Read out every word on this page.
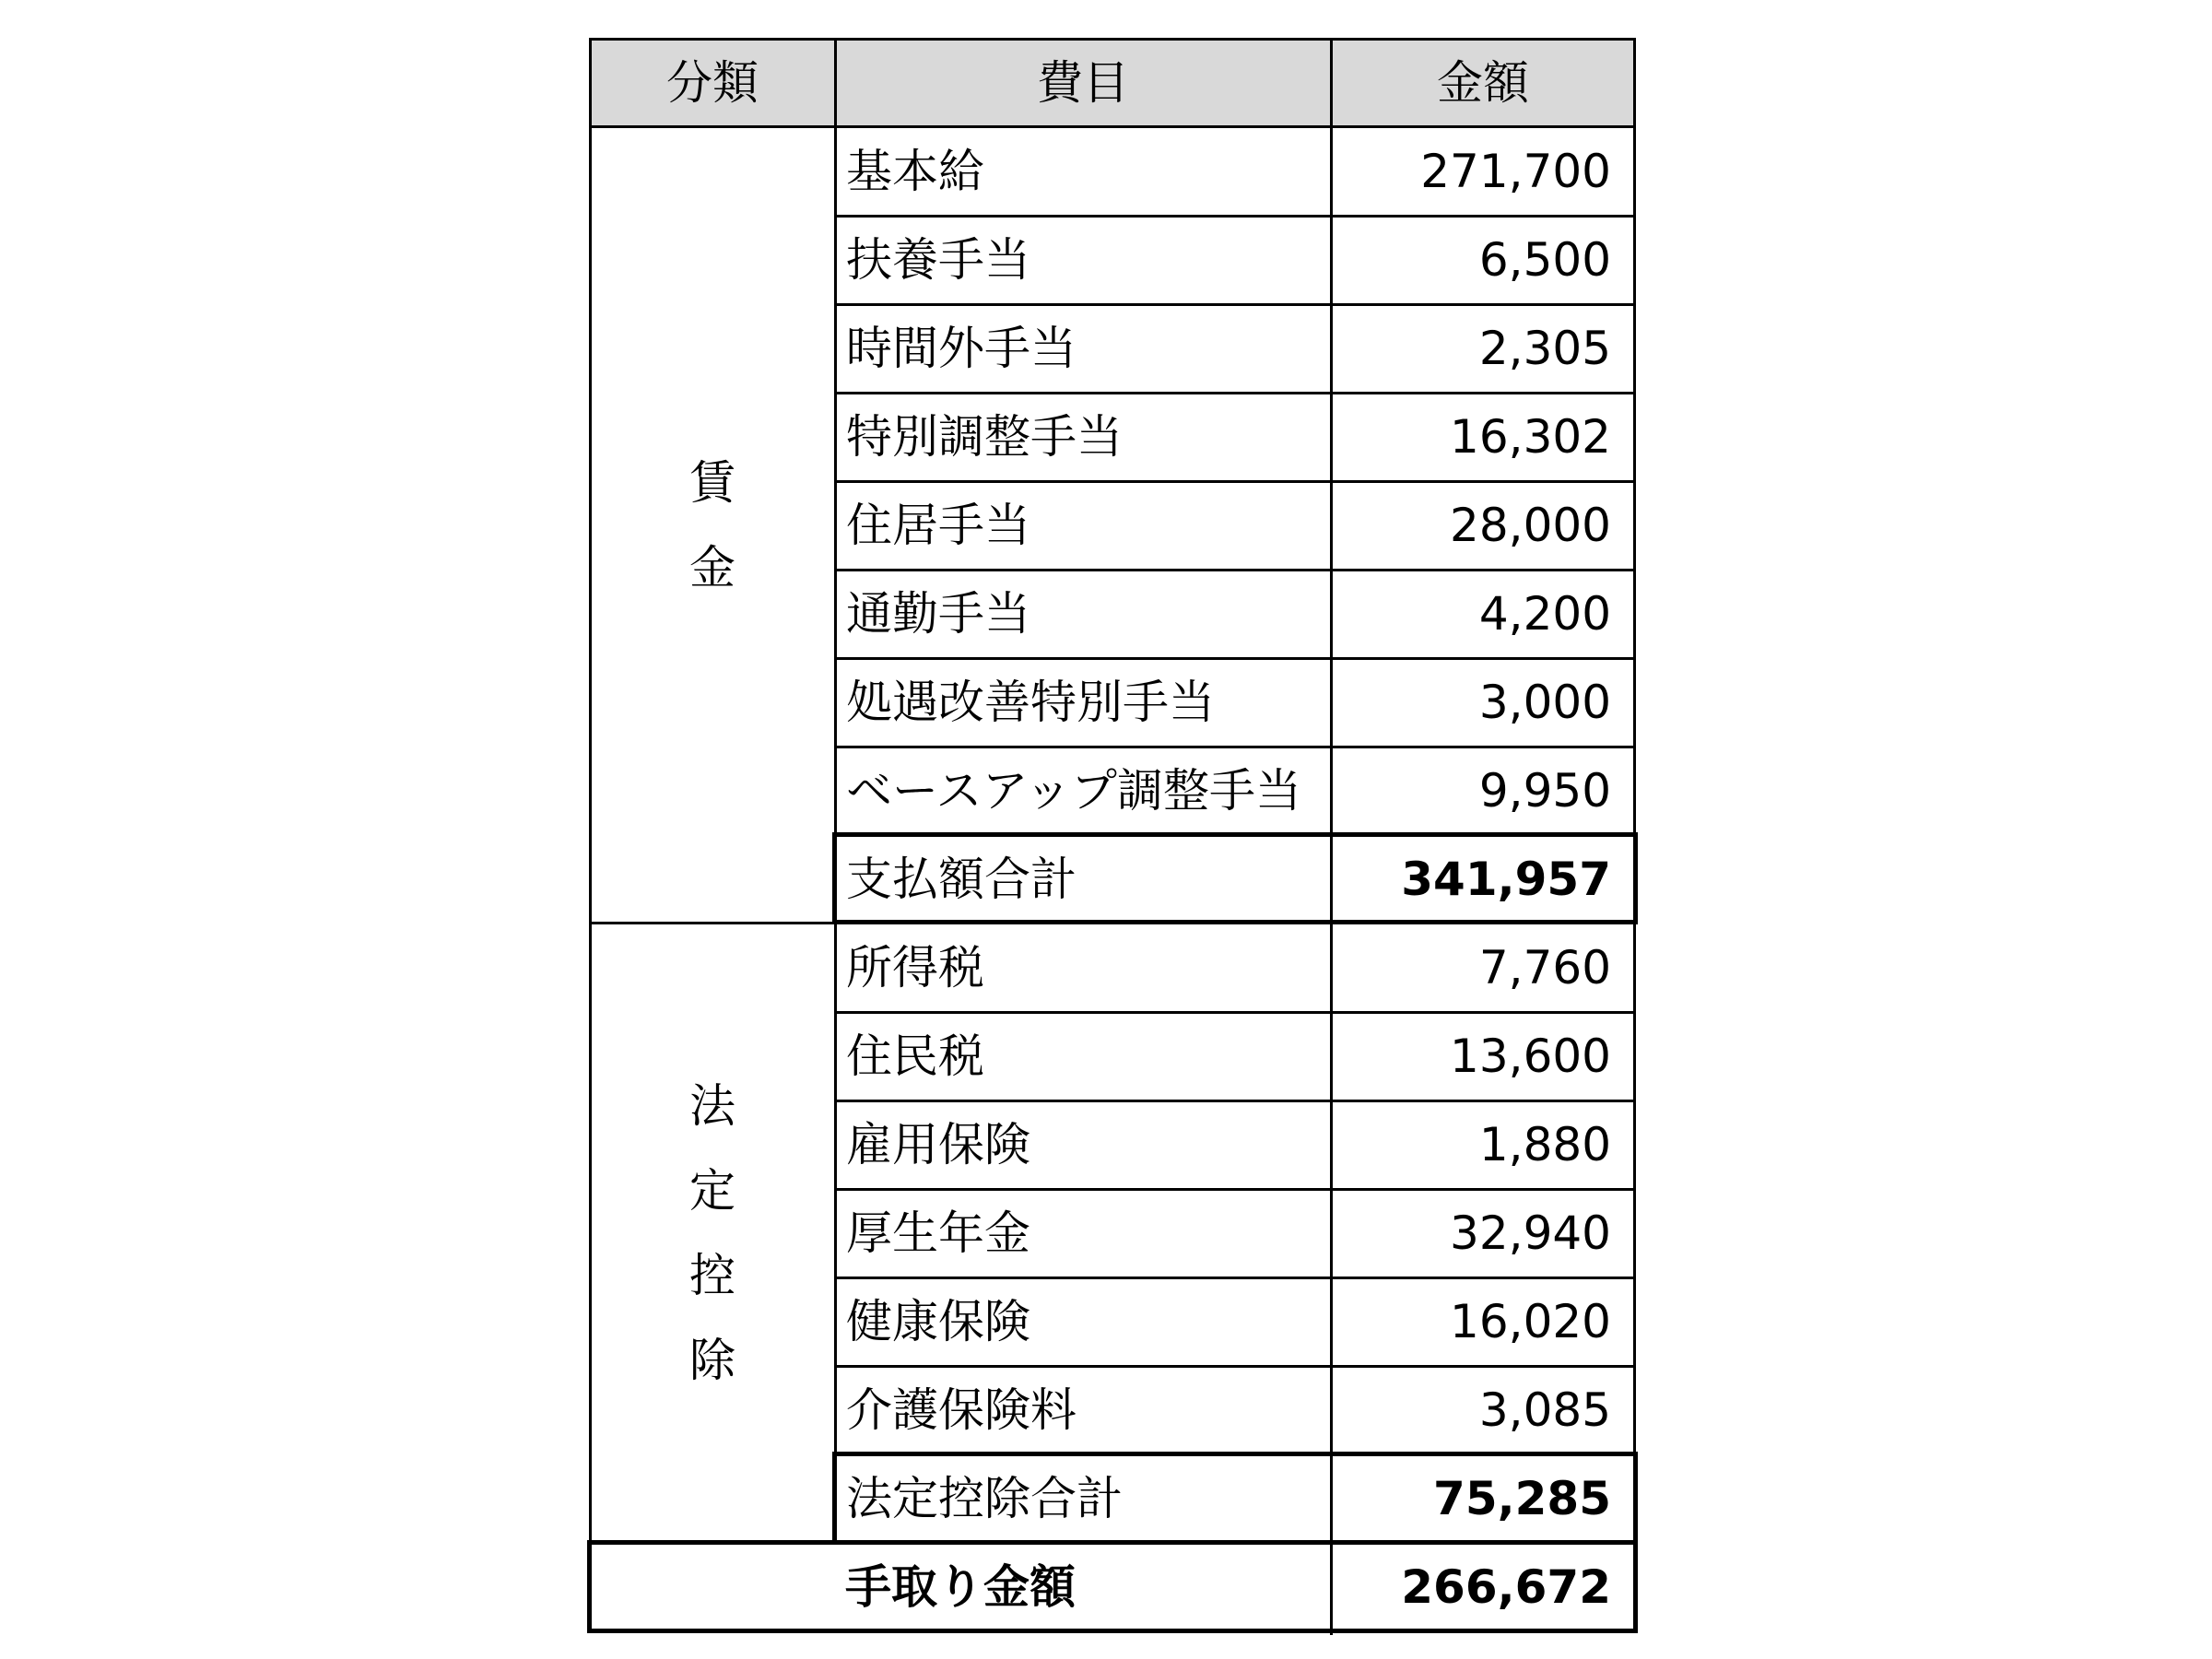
分類	費目	金額
賃
金
基本給	271,700
扶養手当	6,500
時間外手当	2,305
特別調整手当	16,302
住居手当	28,000
通勤手当	4,200
処遇改善特別手当	3,000
ベースアップ調整手当	9,950
支払額合計	341,957
法
定
控
除
所得税	7,760
住民税	13,600
雇用保険	1,880
厚生年金	32,940
健康保険	16,020
介護保険料	3,085
法定控除合計	75,285
手取り金額	266,672
